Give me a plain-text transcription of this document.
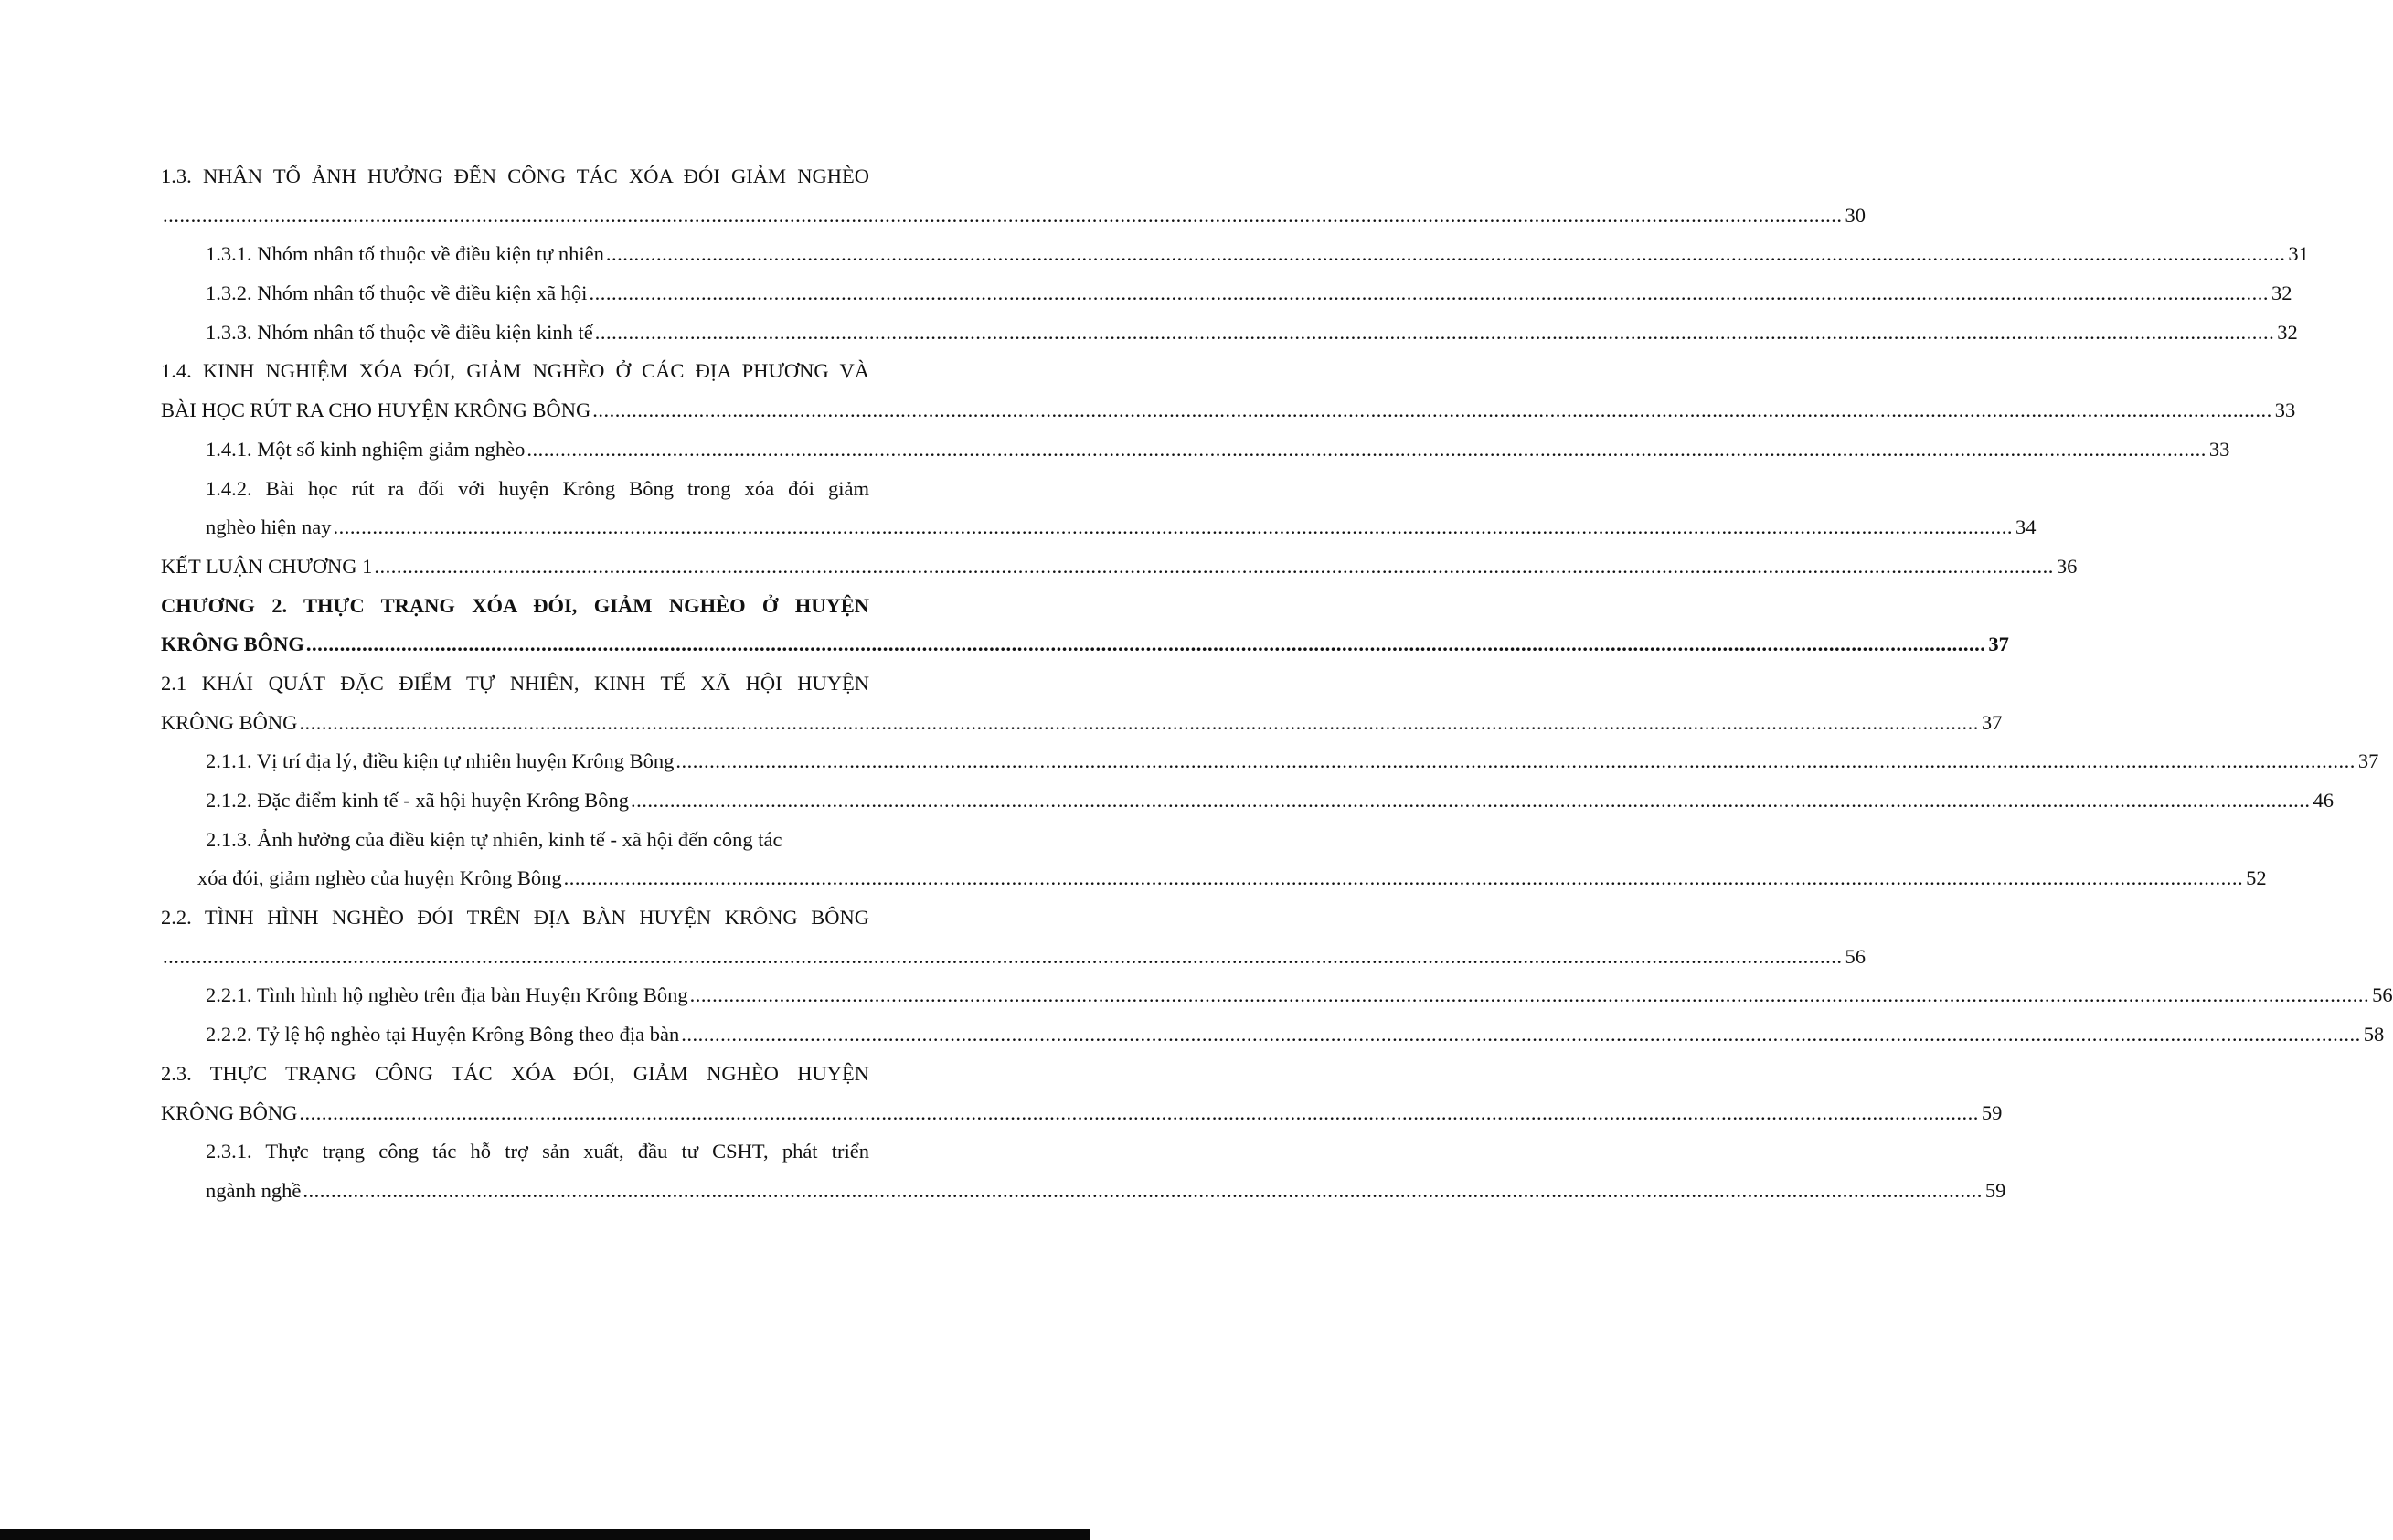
1.3. NHÂN TỐ ẢNH HƯỞNG ĐẾN CÔNG TÁC XÓA ĐÓI GIẢM NGHÈO
............................................................................................................................................................................................................................................................................................................ 30
1.3.1. Nhóm nhân tố thuộc về điều kiện tự nhiên ............................................................................................................................................................................................................................................................................................................ 31
1.3.2. Nhóm nhân tố thuộc về điều kiện xã hội ............................................................................................................................................................................................................................................................................................................ 32
1.3.3. Nhóm nhân tố thuộc về điều kiện kinh tế ............................................................................................................................................................................................................................................................................................................ 32
1.4. KINH NGHIỆM XÓA ĐÓI, GIẢM NGHÈO Ở CÁC ĐỊA PHƯƠNG VÀ
BÀI HỌC RÚT RA CHO HUYỆN KRÔNG BÔNG ............................................................................................................................................................................................................................................................................................................ 33
1.4.1. Một số kinh nghiệm giảm nghèo ............................................................................................................................................................................................................................................................................................................ 33
1.4.2. Bài học rút ra đối với huyện Krông Bông trong xóa đói giảm
nghèo hiện nay ............................................................................................................................................................................................................................................................................................................ 34
KẾT LUẬN CHƯƠNG 1 ............................................................................................................................................................................................................................................................................................................ 36
CHƯƠNG 2. THỰC TRẠNG XÓA ĐÓI, GIẢM NGHÈO Ở HUYỆN
KRÔNG BÔNG ............................................................................................................................................................................................................................................................................................................ 37
2.1 KHÁI QUÁT ĐẶC ĐIỂM TỰ NHIÊN, KINH TẾ XÃ HỘI HUYỆN
KRÔNG BÔNG ............................................................................................................................................................................................................................................................................................................ 37
2.1.1. Vị trí địa lý, điều kiện tự nhiên huyện Krông Bông ............................................................................................................................................................................................................................................................................................................ 37
2.1.2. Đặc điểm kinh tế - xã hội huyện Krông Bông ............................................................................................................................................................................................................................................................................................................ 46
2.1.3. Ảnh hưởng của điều kiện tự nhiên, kinh tế - xã hội đến công tác
xóa đói, giảm nghèo của huyện Krông Bông ............................................................................................................................................................................................................................................................................................................ 52
2.2. TÌNH HÌNH NGHÈO ĐÓI TRÊN ĐỊA BÀN HUYỆN KRÔNG BÔNG
............................................................................................................................................................................................................................................................................................................ 56
2.2.1. Tình hình hộ nghèo trên địa bàn Huyện Krông Bông ............................................................................................................................................................................................................................................................................................................ 56
2.2.2. Tỷ lệ hộ nghèo tại Huyện Krông Bông theo địa bàn ............................................................................................................................................................................................................................................................................................................ 58
2.3. THỰC TRẠNG CÔNG TÁC XÓA ĐÓI, GIẢM NGHÈO HUYỆN
KRÔNG BÔNG ............................................................................................................................................................................................................................................................................................................ 59
2.3.1. Thực trạng công tác hỗ trợ sản xuất, đầu tư CSHT, phát triển
ngành nghề ............................................................................................................................................................................................................................................................................................................ 59
